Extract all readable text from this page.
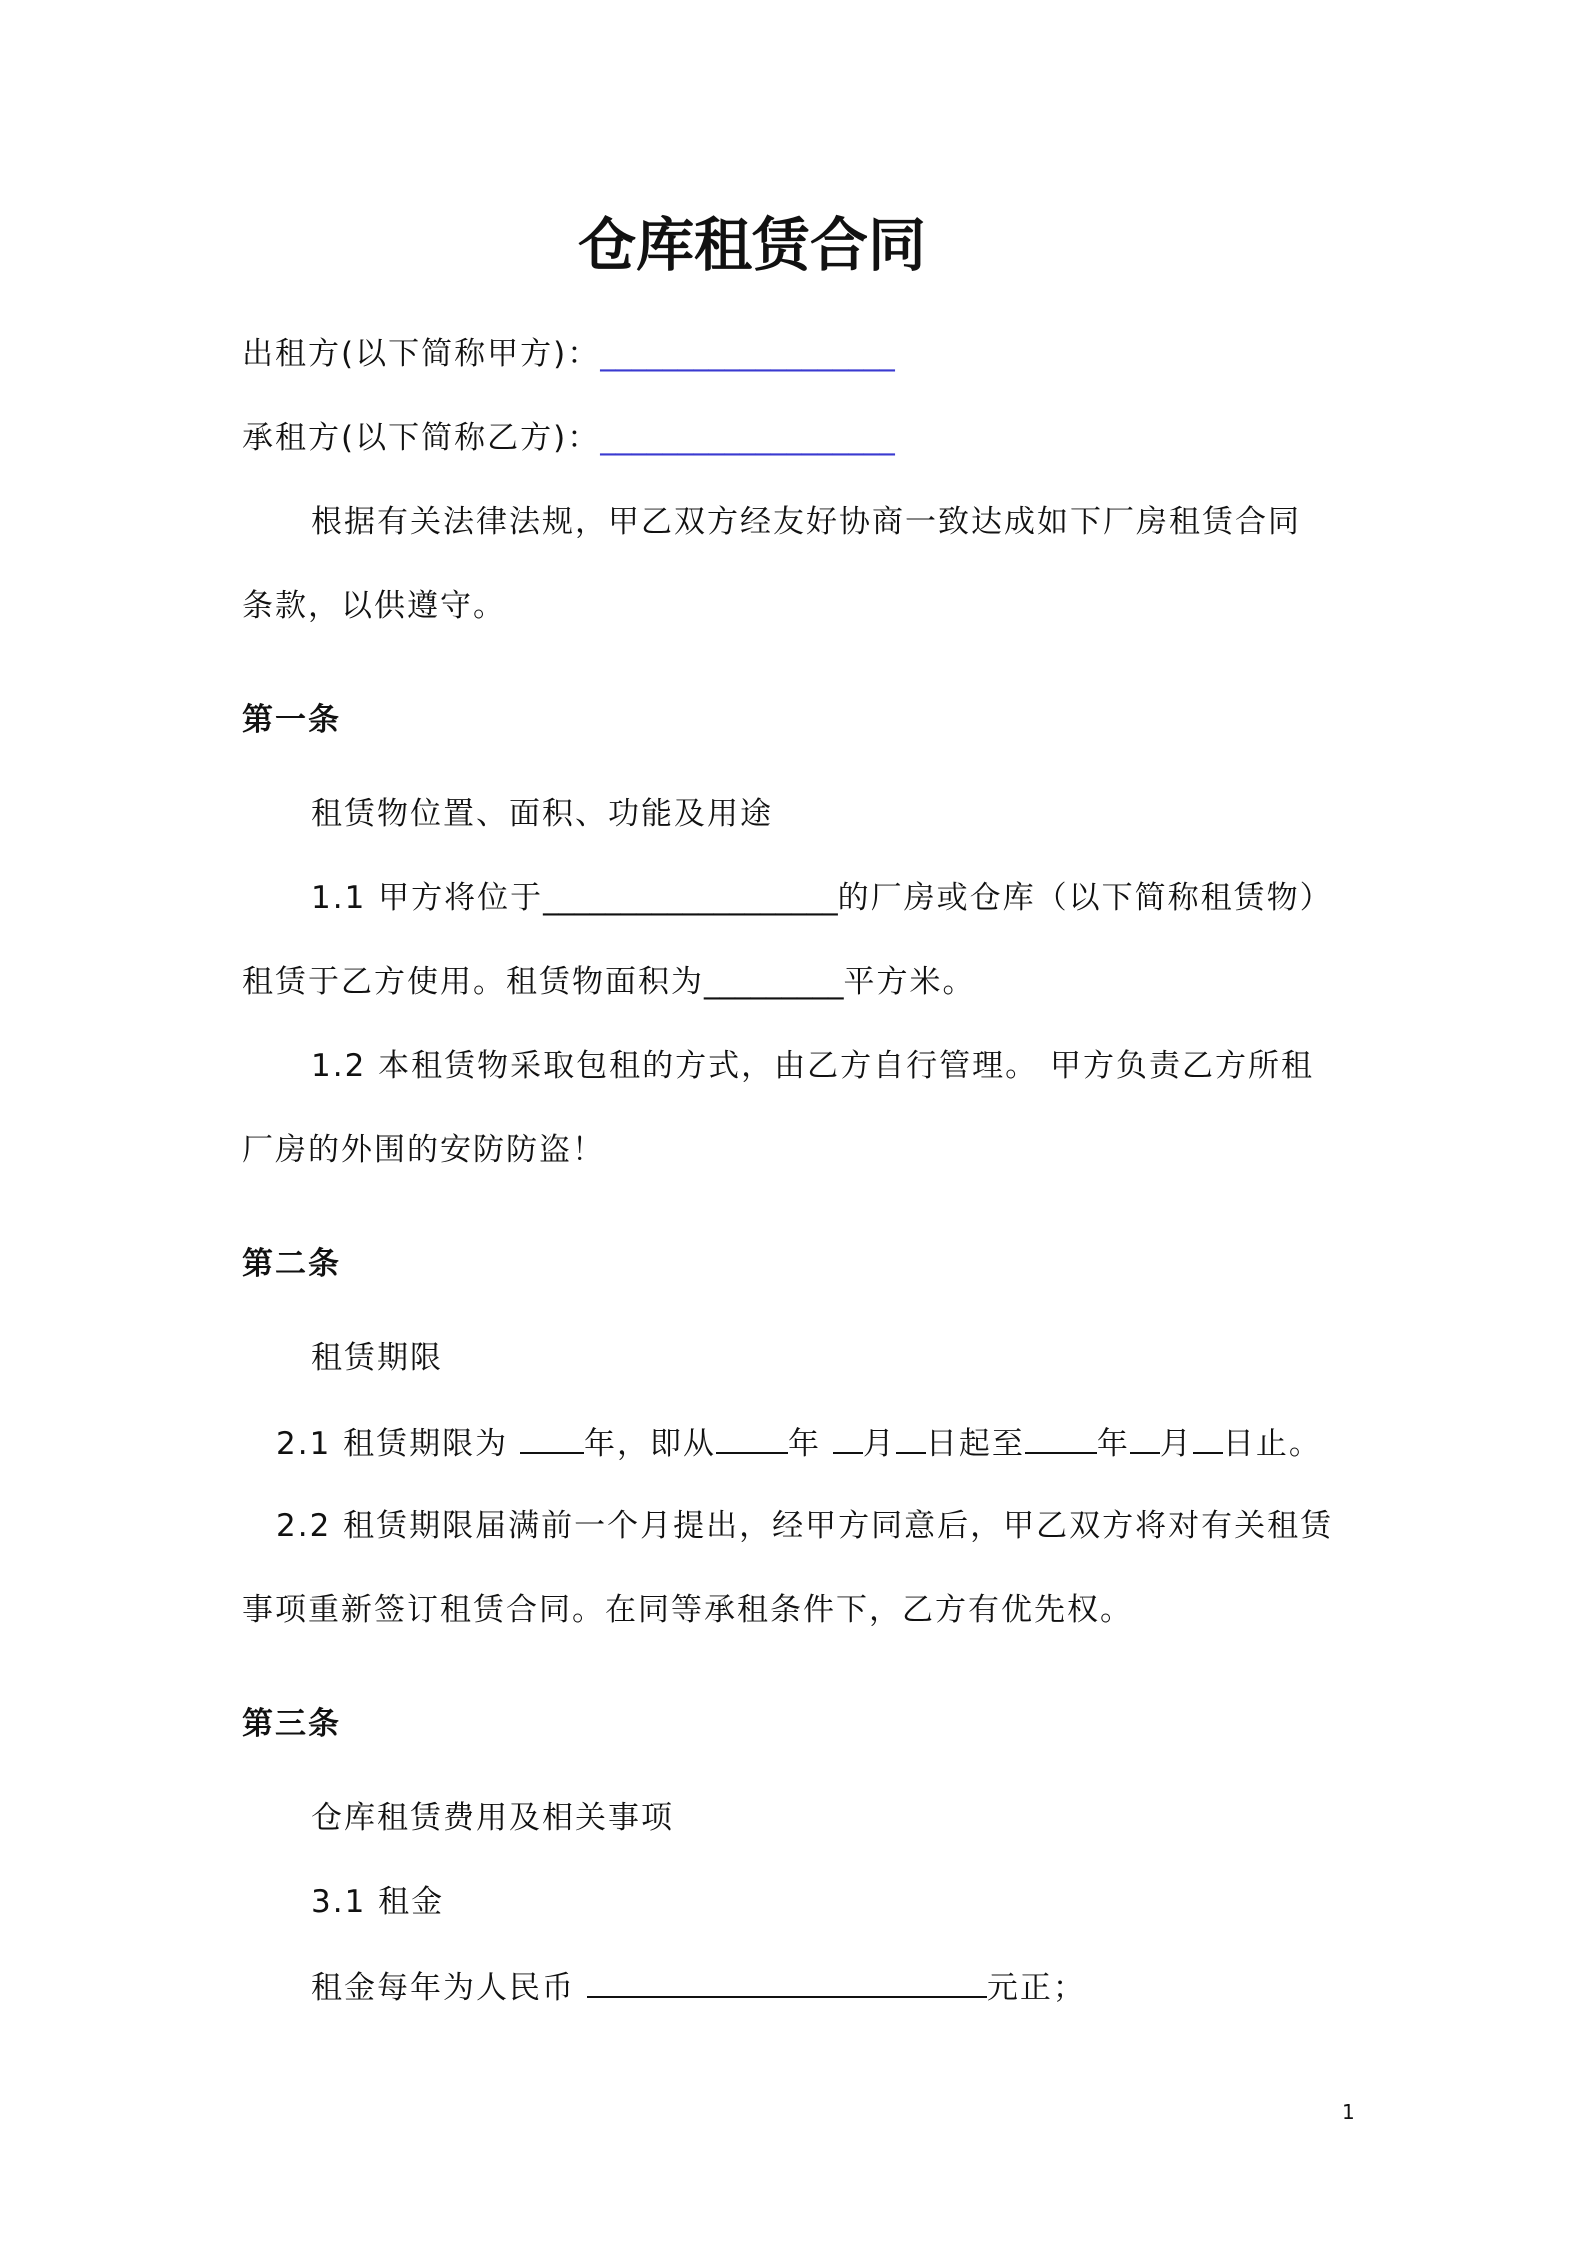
仓库租赁合同
出租方(以下简称甲方)：___________________
承租方(以下简称乙方)：___________________
根据有关法律法规，甲乙双方经友好协商一致达成如下厂房租赁合同
条款，以供遵守。
第一条
租赁物位置、面积、功能及用途
1.1 甲方将位于___________________的厂房或仓库（以下简称租赁物）
租赁于乙方使用。租赁物面积为_________平方米。
1.2 本租赁物采取包租的方式，由乙方自行管理。 甲方负责乙方所租
厂房的外围的安防防盗！
第二条
租赁期限
2.1 租赁期限为 年，即从 年 月 日起至 年 月 日止。
2.2 租赁期限届满前一个月提出，经甲方同意后，甲乙双方将对有关租赁
事项重新签订租赁合同。在同等承租条件下，乙方有优先权。
第三条
仓库租赁费用及相关事项
3.1 租金
租金每年为人民币	元正；
1
